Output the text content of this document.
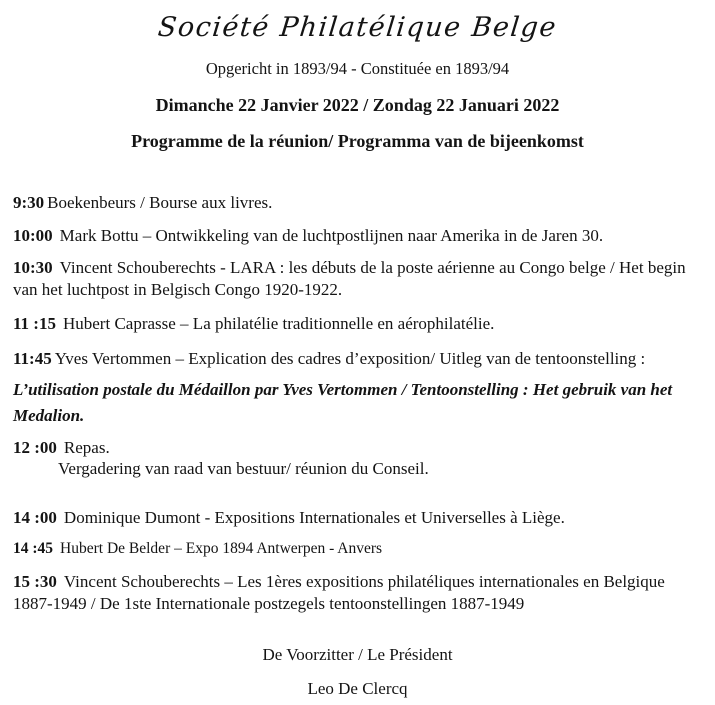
Société Philatélique Belge
Opgericht in 1893/94 - Constituée en 1893/94
Dimanche 22 Janvier 2022 / Zondag 22 Januari 2022
Programme de la réunion/ Programma van de bijeenkomst
9:30 Boekenbeurs / Bourse aux livres.
10:00 Mark Bottu – Ontwikkeling van de luchtpostlijnen naar Amerika in de Jaren 30.
10:30 Vincent Schouberechts - LARA : les débuts de la poste aérienne au Congo belge / Het begin van het luchtpost in Belgisch Congo 1920-1922.
11 :15 Hubert Caprasse – La philatélie traditionnelle en aérophilatélie.
11:45 Yves Vertommen – Explication des cadres d’exposition/ Uitleg van de tentoonstelling :
L’utilisation postale du Médaillon par Yves Vertommen / Tentoonstelling : Het gebruik van het Medalion.
12 :00 Repas.
Vergadering van raad van bestuur/ réunion du Conseil.
14 :00 Dominique Dumont - Expositions Internationales et Universelles à Liège.
14 :45 Hubert De Belder – Expo 1894 Antwerpen - Anvers
15 :30 Vincent Schouberechts – Les 1ères expositions philatéliques internationales en Belgique 1887-1949 / De 1ste Internationale postzegels tentoonstellingen 1887-1949
De Voorzitter / Le Président
Leo De Clercq
